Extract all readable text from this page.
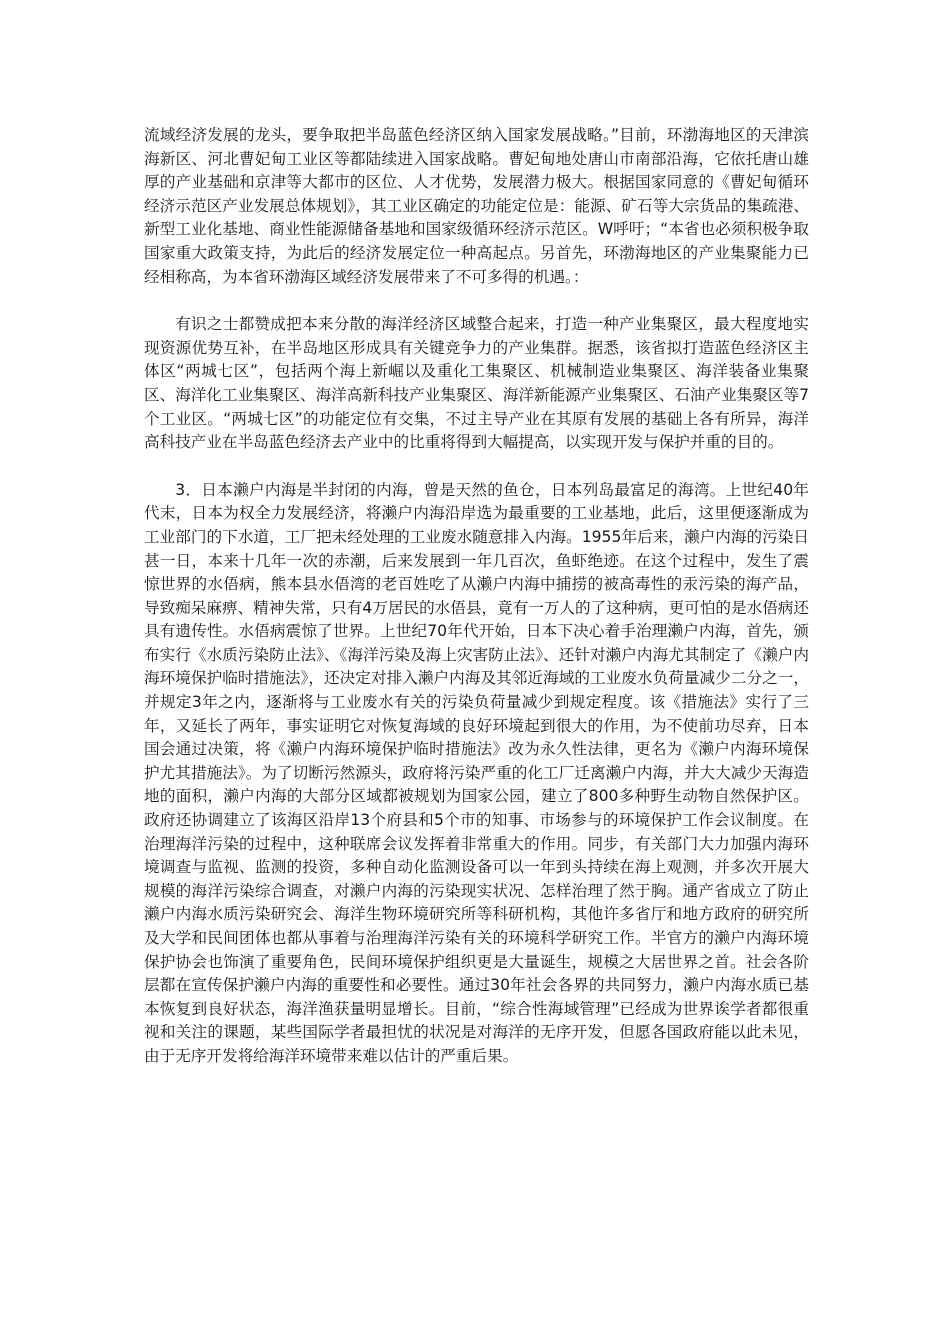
流域经济发展的龙头，要争取把半岛蓝色经济区纳入国家发展战略。”目前，环渤海地区的天津滨海新区、河北曹妃甸工业区等都陆续进入国家战略。曹妃甸地处唐山市南部沿海，它依托唐山雄厚的产业基础和京津等大都市的区位、人才优势，发展潜力极大。根据国家同意的《曹妃甸循环经济示范区产业发展总体规划》，其工业区确定的功能定位是：能源、矿石等大宗货品的集疏港、新型工业化基地、商业性能源储备基地和国家级循环经济示范区。W呼吁；“本省也必须积极争取国家重大政策支持，为此后的经济发展定位一种高起点。另首先，环渤海地区的产业集聚能力已经相称高，为本省环渤海区域经济发展带来了不可多得的机遇。：

有识之士都赞成把本来分散的海洋经济区域整合起来，打造一种产业集聚区，最大程度地实现资源优势互补，在半岛地区形成具有关键竞争力的产业集群。据悉，该省拟打造蓝色经济区主体区“两城七区”，包括两个海上新崛以及重化工集聚区、机械制造业集聚区、海洋装备业集聚区、海洋化工业集聚区、海洋高新科技产业集聚区、海洋新能源产业集聚区、石油产业集聚区等7个工业区。“两城七区”的功能定位有交集，不过主导产业在其原有发展的基础上各有所异，海洋高科技产业在半岛蓝色经济去产业中的比重将得到大幅提高，以实现开发与保护并重的目的。

3．日本濑户内海是半封闭的内海，曾是天然的鱼仓，日本列岛最富足的海湾。上世纪40年代末，日本为权全力发展经济，将濑户内海沿岸选为最重要的工业基地，此后，这里便逐渐成为工业部门的下水道，工厂把未经处理的工业废水随意排入内海。1955年后来，濑户内海的污染日甚一日，本来十几年一次的赤潮，后来发展到一年几百次，鱼虾绝迹。在这个过程中，发生了震惊世界的水俉病，熊本县水俉湾的老百姓吃了从濑户内海中捕捞的被高毒性的汞污染的海产品，导致痴呆麻痹、精神失常，只有4万居民的水俉县，竟有一万人的了这种病，更可怕的是水俉病还具有遗传性。水俉病震惊了世界。上世纪70年代开始，日本下决心着手治理濑户内海，首先，颁布实行《水质污染防止法》、《海洋污染及海上灾害防止法》、还针对濑户内海尤其制定了《濑户内海环境保护临时措施法》，还决定对排入濑户内海及其邻近海域的工业废水负荷量减少二分之一，并规定3年之内，逐渐将与工业废水有关的污染负荷量减少到规定程度。该《措施法》实行了三年，又延长了两年，事实证明它对恢复海域的良好环境起到很大的作用，为不使前功尽弃，日本国会通过决策，将《濑户内海环境保护临时措施法》改为永久性法律，更名为《濑户内海环境保护尤其措施法》。为了切断污然源头，政府将污染严重的化工厂迁离濑户内海，并大大减少天海造地的面积，濑户内海的大部分区域都被规划为国家公园，建立了800多种野生动物自然保护区。政府还协调建立了该海区沿岸13个府县和5个市的知事、市场参与的环境保护工作会议制度。在治理海洋污染的过程中，这种联席会议发挥着非常重大的作用。同步，有关部门大力加强内海环境调查与监视、监测的投资，多种自动化监测设备可以一年到头持续在海上观测，并多次开展大规模的海洋污染综合调查，对濑户内海的污染现实状况、怎样治理了然于胸。通产省成立了防止濑户内海水质污染研究会、海洋生物环境研究所等科研机构，其他许多省厅和地方政府的研究所及大学和民间团体也都从事着与治理海洋污染有关的环境科学研究工作。半官方的濑户内海环境保护协会也饰演了重要角色，民间环境保护组织更是大量诞生，规模之大居世界之首。社会各阶层都在宣传保护濑户内海的重要性和必要性。通过30年社会各界的共同努力，濑户内海水质已基本恢复到良好状态，海洋渔获量明显增长。目前，“综合性海域管理”已经成为世界诶学者都很重视和关注的课题，某些国际学者最担忧的状况是对海洋的无序开发，但愿各国政府能以此未见，由于无序开发将给海洋环境带来难以估计的严重后果。
